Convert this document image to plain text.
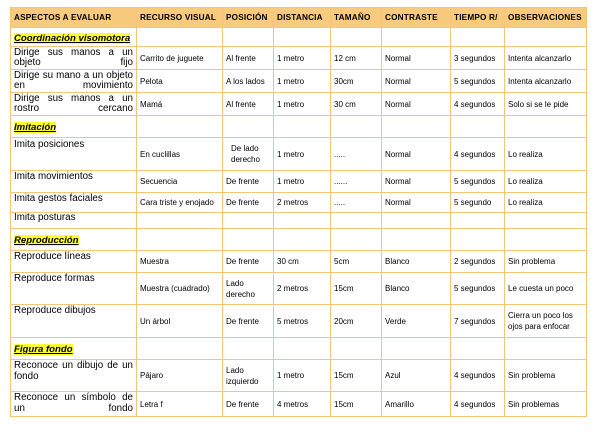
ASPECTOS A EVALUAR	RECURSO VISUAL	POSICIÓN	DISTANCIA	TAMAÑO	CONTRASTE	TIEMPO R/	OBSERVACIONES
Coordinación visomotora							
Dirige sus manos a un objeto fijo	Carrito de juguete	Al frente	1 metro	12 cm	Normal	3 segundos	Intenta alcanzarlo
Dirige su mano a un objeto en movimiento	Pelota	A los lados	1 metro	30cm	Normal	5 segundos	Intenta alcanzarlo
Dirige sus manos a un rostro cercano	Mamá	Al frente	1 metro	30 cm	Normal	4 segundos	Solo si se le pide
Imitación							
Imita posiciones	En cuclillas	De lado derecho	1 metro	.....	Normal	4 segundos	Lo realiza
Imita movimientos	Secuencia	De frente	1 metro	......	Normal	5 segundos	Lo realiza
Imita gestos faciales	Cara triste y enojado	De frente	2 metros	.....	Normal	5 segundo	Lo realiza
Imita posturas							
Reproducción							
Reproduce líneas	Muestra	De frente	30 cm	5cm	Blanco	2 segundos	Sin problema
Reproduce formas	Muestra (cuadrado)	Lado derecho	2 metros	15cm	Blanco	5 segundos	Le cuesta un poco
Reproduce dibujos	Un árbol	De frente	5 metros	20cm	Verde	7 segundos	Cierra un poco los ojos para enfocar
Figura fondo							
Reconoce un dibujo de un fondo	Pájaro	Lado izquierdo	1 metro	15cm	Azul	4 segundos	Sin problema
Reconoce un símbolo de un fondo	Letra f	De frente	4 metros	15cm	Amarillo	4 segundos	Sin problemas
